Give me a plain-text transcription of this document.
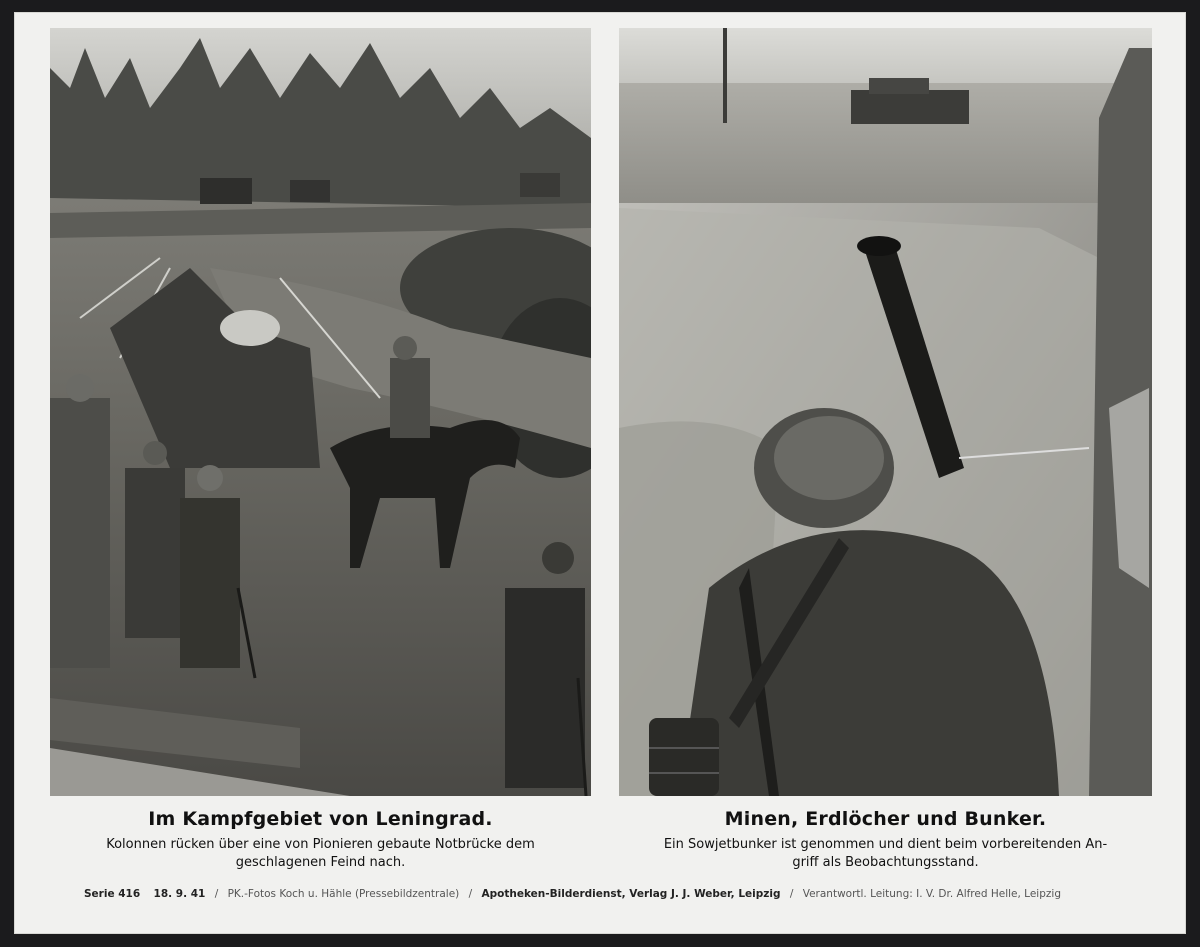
Im Kampfgebiet von Leningrad.

Kolonnen rücken über eine von Pionieren gebaute Notbrücke dem
geschlagenen Feind nach.

Minen, Erdlöcher und Bunker.

Ein Sowjetbunker ist genommen und dient beim vorbereitenden An-
griff als Beobachtungsstand.

Serie 416 18. 9. 41 / PK.-Fotos Koch u. Hähle (Pressebildzentrale) / Apotheken-Bilderdienst, Verlag J. J. Weber, Leipzig / Verantwortl. Leitung: I. V. Dr. Alfred Helle, Leipzig
